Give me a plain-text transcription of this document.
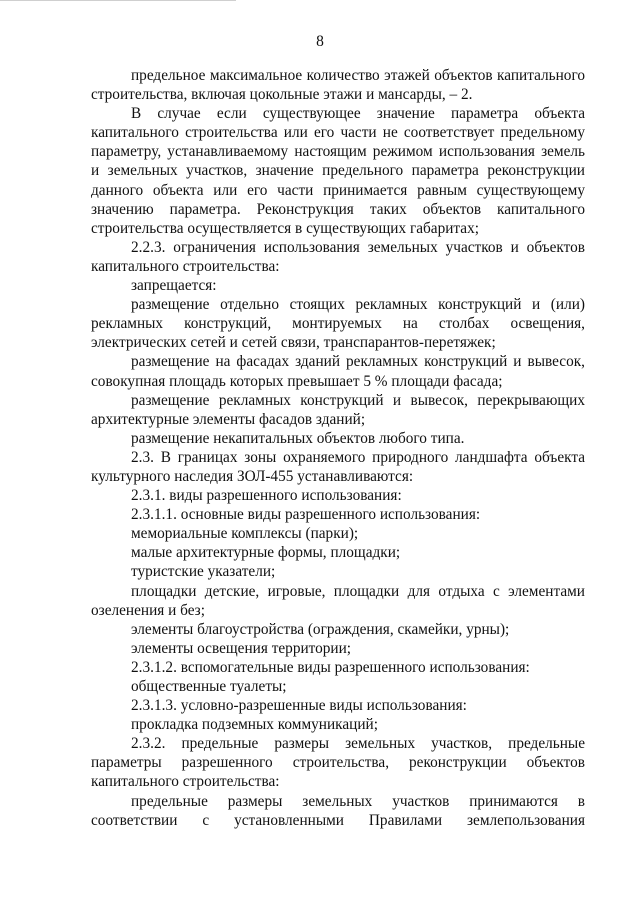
8

предельное максимальное количество этажей объектов капитального строительства, включая цокольные этажи и мансарды, – 2.

В случае если существующее значение параметра объекта капитального строительства или его части не соответствует предельному параметру, устанавливаемому настоящим режимом использования земель и земельных участков, значение предельного параметра реконструкции данного объекта или его части принимается равным существующему значению параметра. Реконструкция таких объектов капитального строительства осуществляется в существующих габаритах;

2.2.3. ограничения использования земельных участков и объектов капитального строительства:

запрещается:

размещение отдельно стоящих рекламных конструкций и (или) рекламных конструкций, монтируемых на столбах освещения, электрических сетей и сетей связи, транспарантов-перетяжек;

размещение на фасадах зданий рекламных конструкций и вывесок, совокупная площадь которых превышает 5 % площади фасада;

размещение рекламных конструкций и вывесок, перекрывающих архитектурные элементы фасадов зданий;

размещение некапитальных объектов любого типа.

2.3. В границах зоны охраняемого природного ландшафта объекта культурного наследия ЗОЛ-455 устанавливаются:

2.3.1. виды разрешенного использования:

2.3.1.1. основные виды разрешенного использования:

мемориальные комплексы (парки);

малые архитектурные формы, площадки;

туристские указатели;

площадки детские, игровые, площадки для отдыха с элементами озеленения и без;

элементы благоустройства (ограждения, скамейки, урны);

элементы освещения территории;

2.3.1.2. вспомогательные виды разрешенного использования:

общественные туалеты;

2.3.1.3. условно-разрешенные виды использования:

прокладка подземных коммуникаций;

2.3.2. предельные размеры земельных участков, предельные параметры разрешенного строительства, реконструкции объектов капитального строительства:

предельные размеры земельных участков принимаются в соответствии с установленными Правилами землепользования
